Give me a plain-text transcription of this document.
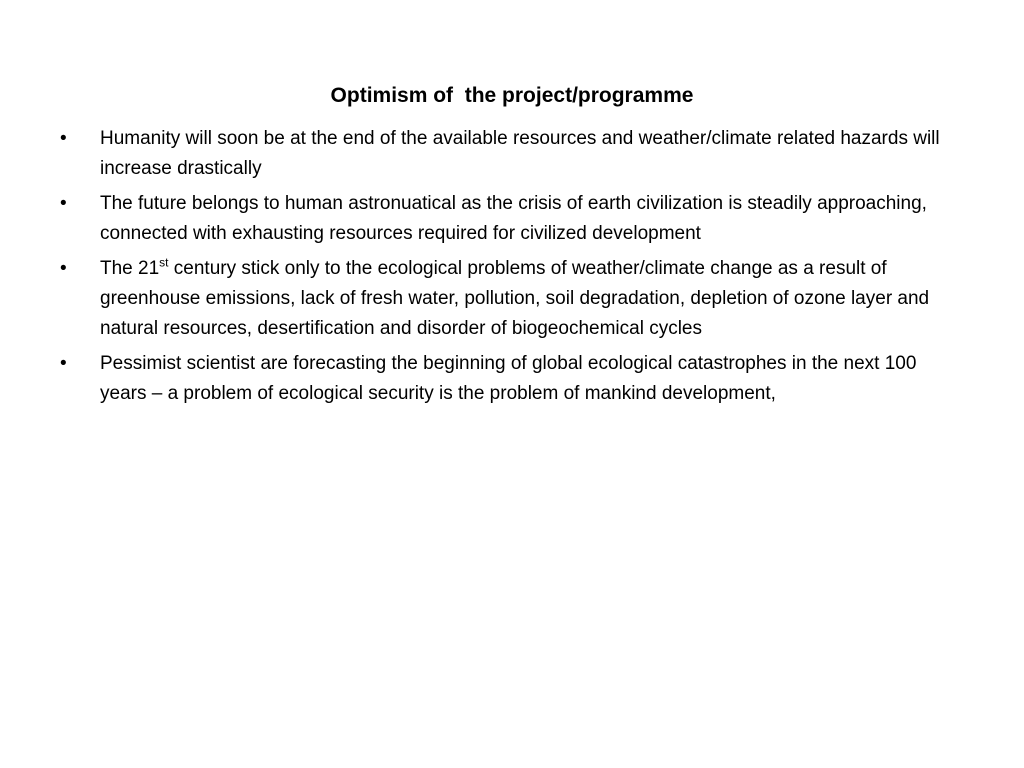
Optimism of  the project/programme
• Humanity will soon be at the end of the available resources and weather/climate related hazards will increase drastically
• The future belongs to human astronuatical as the crisis of earth civilization is steadily approaching, connected with exhausting resources required for civilized development
• The 21st century stick only to the ecological problems of weather/climate change as a result of greenhouse emissions, lack of fresh water, pollution, soil degradation, depletion of ozone layer and natural resources, desertification and disorder of biogeochemical cycles
• Pessimist scientist are forecasting the beginning of global ecological catastrophes in the next 100 years – a problem of ecological security is the problem of mankind development,
